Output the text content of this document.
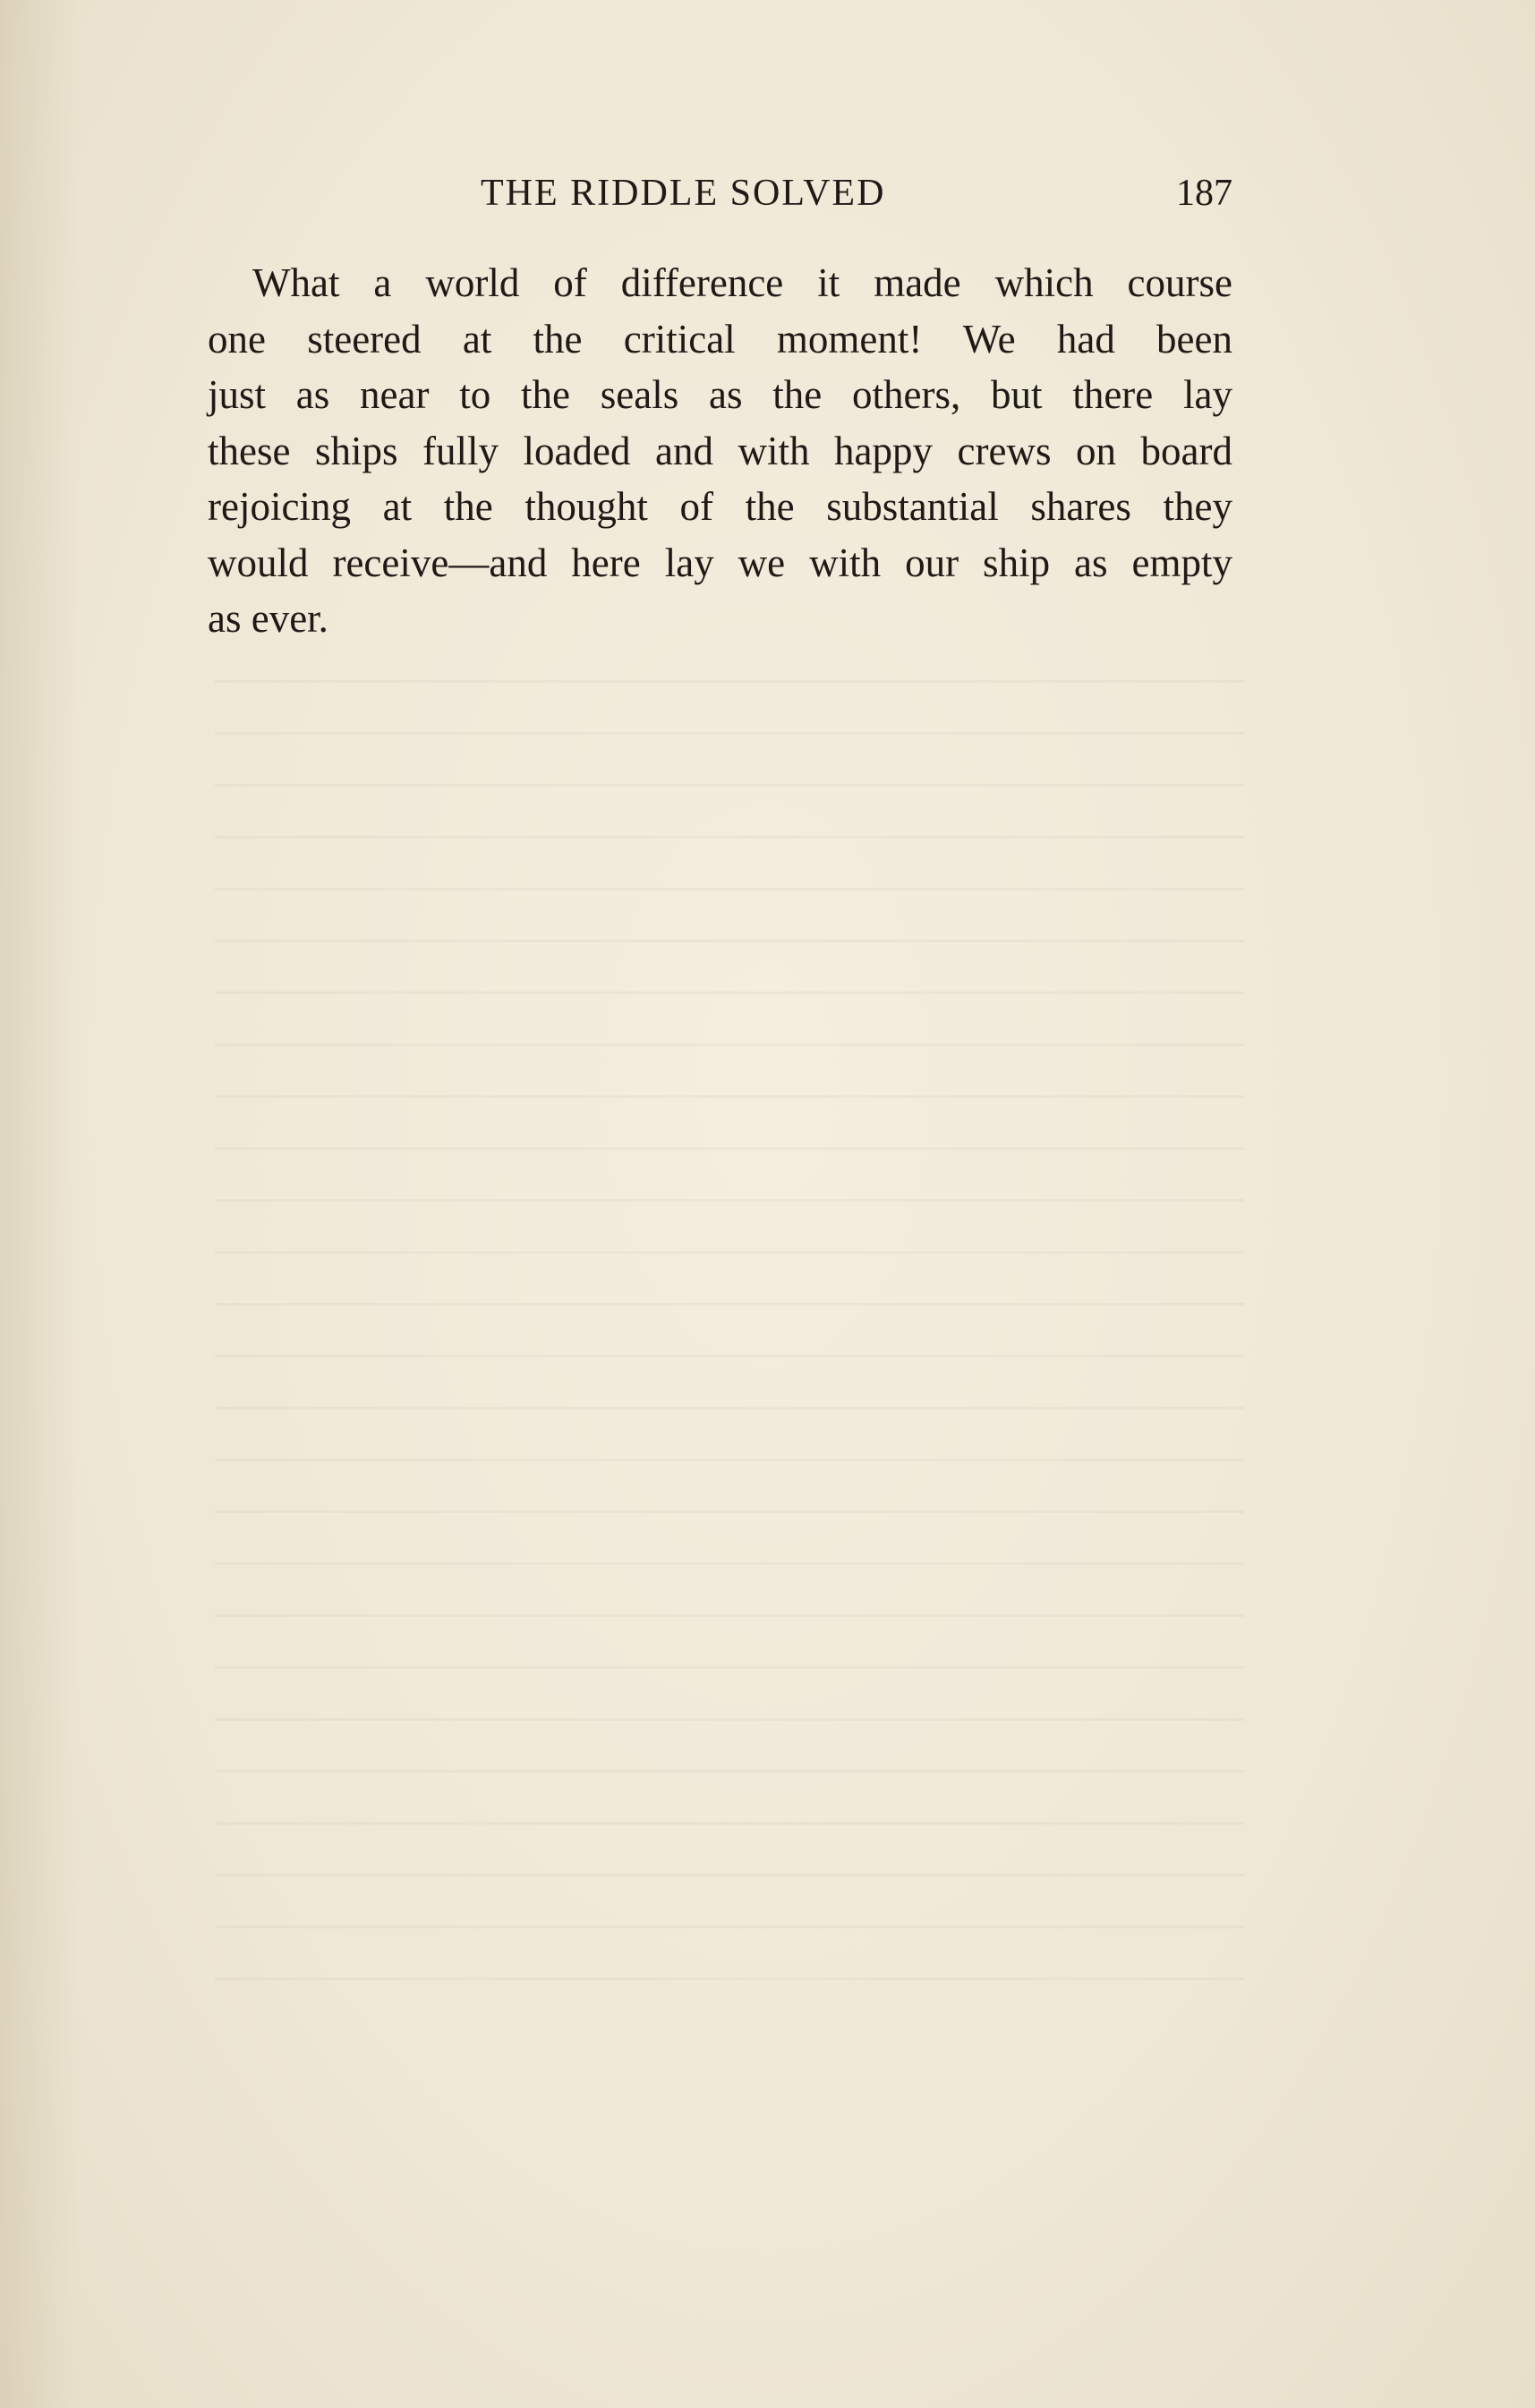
THE RIDDLE SOLVED	187
What a world of difference it made which course
one steered at the critical moment! We had been
just as near to the seals as the others, but there lay
these ships fully loaded and with happy crews on board
rejoicing at the thought of the substantial shares they
would receive—and here lay we with our ship as empty
as ever.
